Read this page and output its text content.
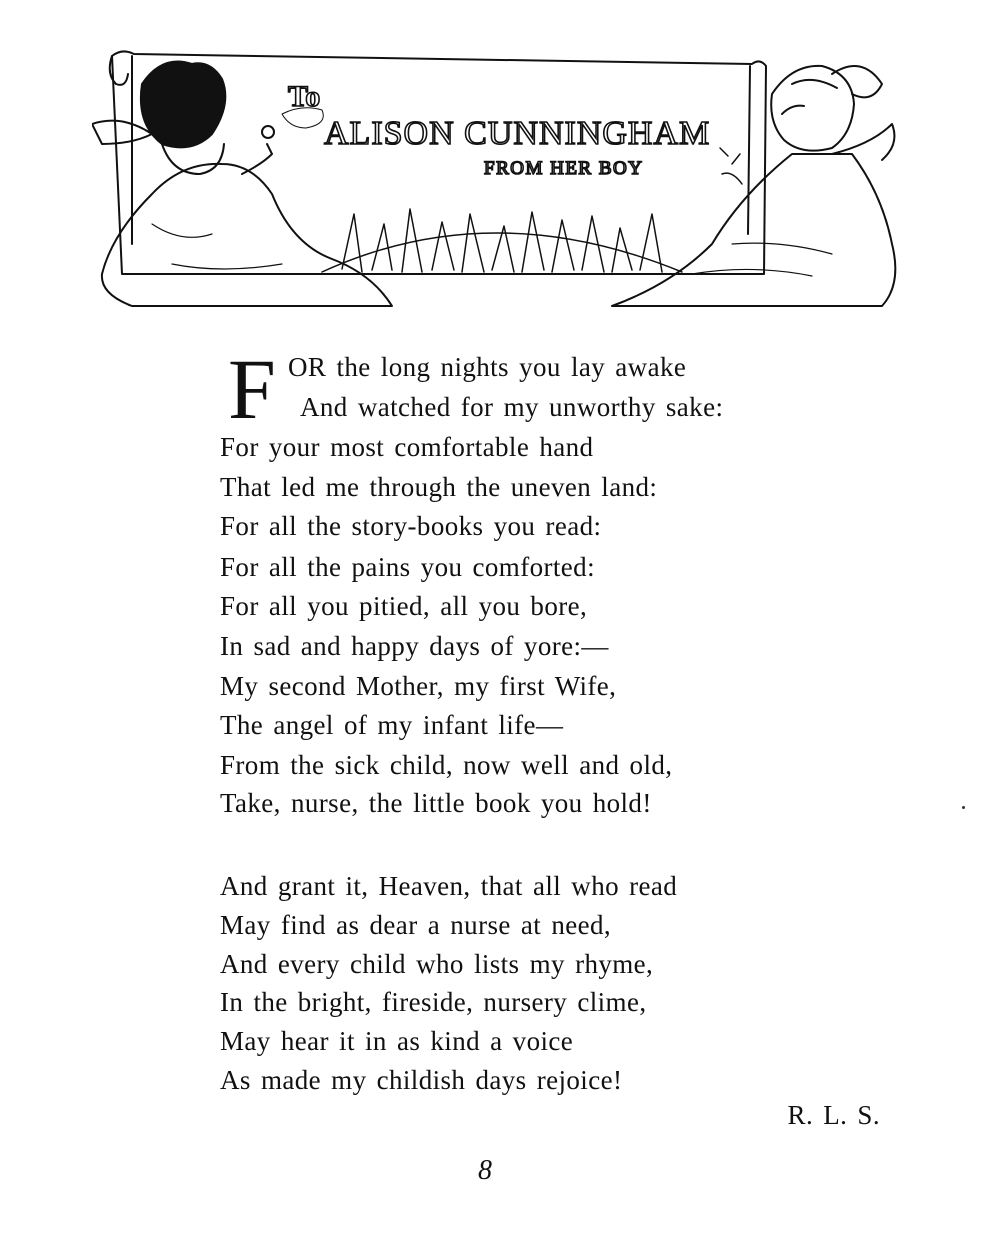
To
ALISON CUNNINGHAM
FROM HER BOY
F OR the long nights you lay awake
And watched for my unworthy sake:
For your most comfortable hand
That led me through the uneven land:
For all the story-books you read:
For all the pains you comforted:
For all you pitied, all you bore,
In sad and happy days of yore:—
My second Mother, my first Wife,
The angel of my infant life—
From the sick child, now well and old,
Take, nurse, the little book you hold!
And grant it, Heaven, that all who read
May find as dear a nurse at need,
And every child who lists my rhyme,
In the bright, fireside, nursery clime,
May hear it in as kind a voice
As made my childish days rejoice!
R. L. S.
8
